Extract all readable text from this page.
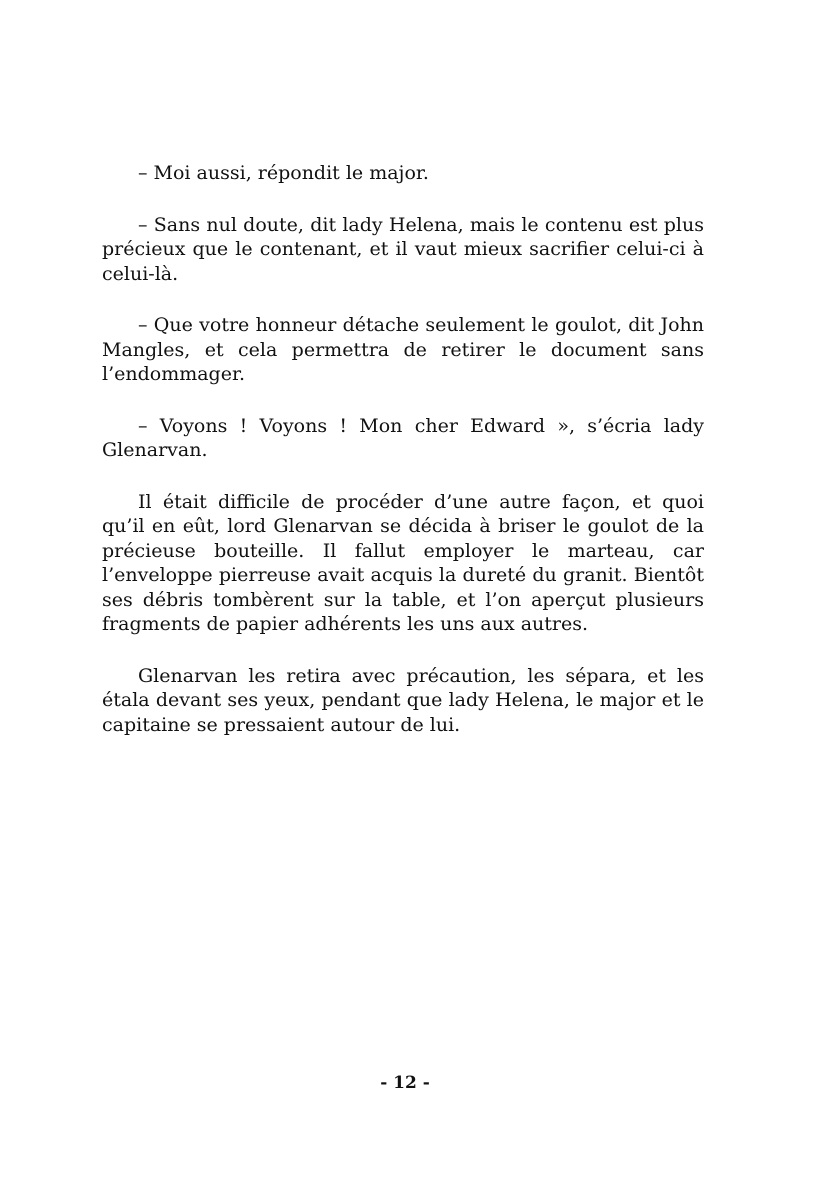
– Moi aussi, répondit le major.

– Sans nul doute, dit lady Helena, mais le contenu est plus précieux que le contenant, et il vaut mieux sacrifier celui-ci à celui-là.

– Que votre honneur détache seulement le goulot, dit John Mangles, et cela permettra de retirer le document sans l’endommager.

– Voyons ! Voyons ! Mon cher Edward », s’écria lady Glenarvan.

Il était difficile de procéder d’une autre façon, et quoi qu’il en eût, lord Glenarvan se décida à briser le goulot de la précieuse bouteille. Il fallut employer le marteau, car l’enveloppe pierreuse avait acquis la dureté du granit. Bientôt ses débris tombèrent sur la table, et l’on aperçut plusieurs fragments de papier adhérents les uns aux autres.

Glenarvan les retira avec précaution, les sépara, et les étala devant ses yeux, pendant que lady Helena, le major et le capitaine se pressaient autour de lui.

- 12 -
